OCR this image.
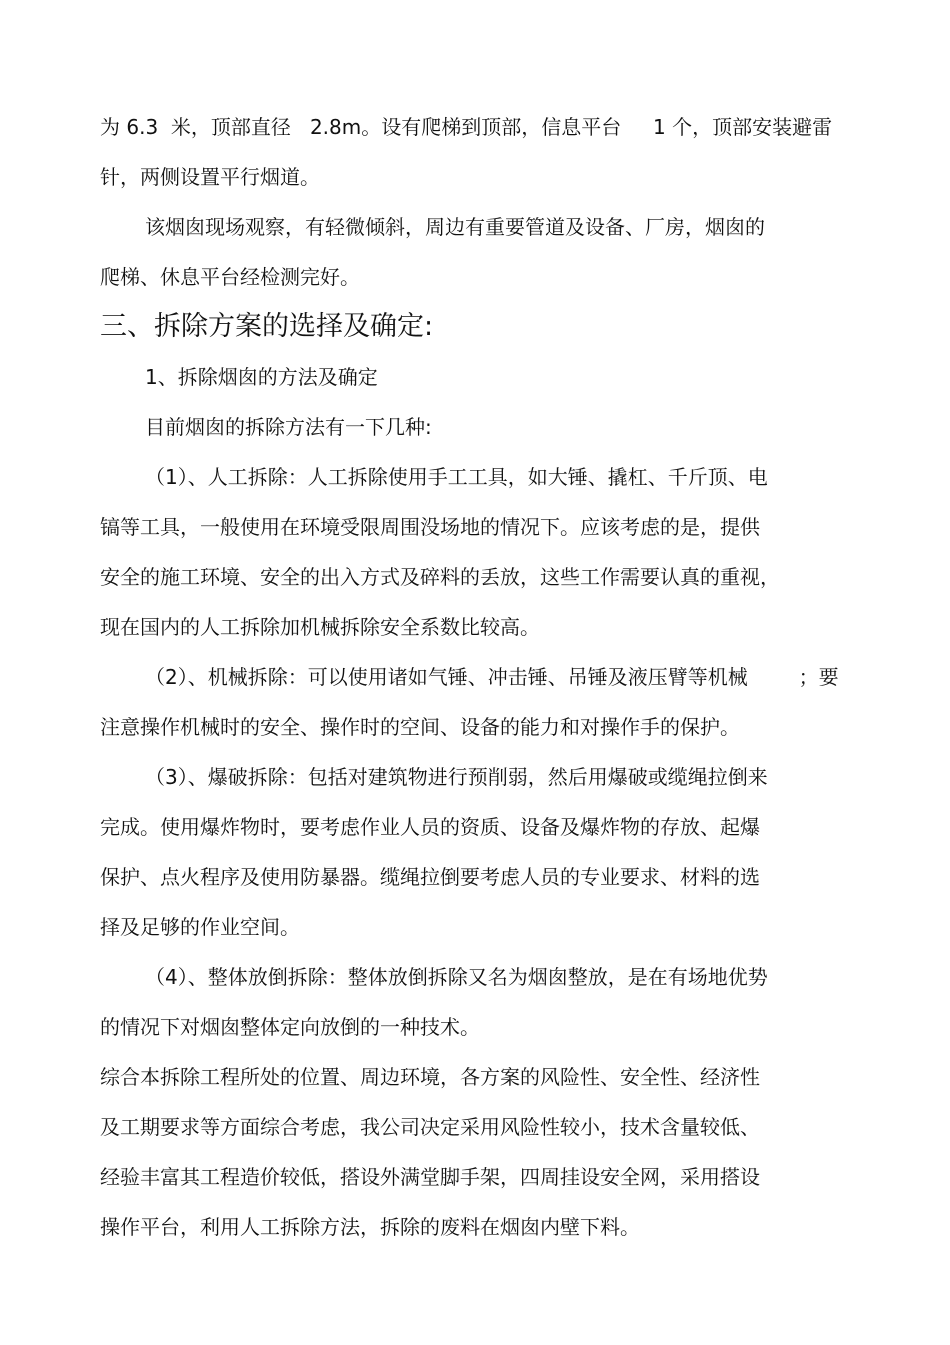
为 6.3  米，顶部直径   2.8m。设有爬梯到顶部，信息平台     1 个，顶部安装避雷
针，两侧设置平行烟道。
该烟囱现场观察，有轻微倾斜，周边有重要管道及设备、厂房，烟囱的
爬梯、休息平台经检测完好。
三、拆除方案的选择及确定:
1、拆除烟囱的方法及确定
目前烟囱的拆除方法有一下几种:
（1）、人工拆除：人工拆除使用手工工具，如大锤、撬杠、千斤顶、电
镐等工具，一般使用在环境受限周围没场地的情况下。应该考虑的是，提供
安全的施工环境、安全的出入方式及碎料的丢放，这些工作需要认真的重视，
现在国内的人工拆除加机械拆除安全系数比较高。
（2）、机械拆除：可以使用诸如气锤、冲击锤、吊锤及液压臂等机械        ；要
注意操作机械时的安全、操作时的空间、设备的能力和对操作手的保护。
（3）、爆破拆除：包括对建筑物进行预削弱，然后用爆破或缆绳拉倒来
完成。使用爆炸物时，要考虑作业人员的资质、设备及爆炸物的存放、起爆
保护、点火程序及使用防暴器。缆绳拉倒要考虑人员的专业要求、材料的选
择及足够的作业空间。
（4）、整体放倒拆除：整体放倒拆除又名为烟囱整放，是在有场地优势
的情况下对烟囱整体定向放倒的一种技术。
综合本拆除工程所处的位置、周边环境，各方案的风险性、安全性、经济性
及工期要求等方面综合考虑，我公司决定采用风险性较小，技术含量较低、
经验丰富其工程造价较低，搭设外满堂脚手架，四周挂设安全网，采用搭设
操作平台，利用人工拆除方法，拆除的废料在烟囱内壁下料。
